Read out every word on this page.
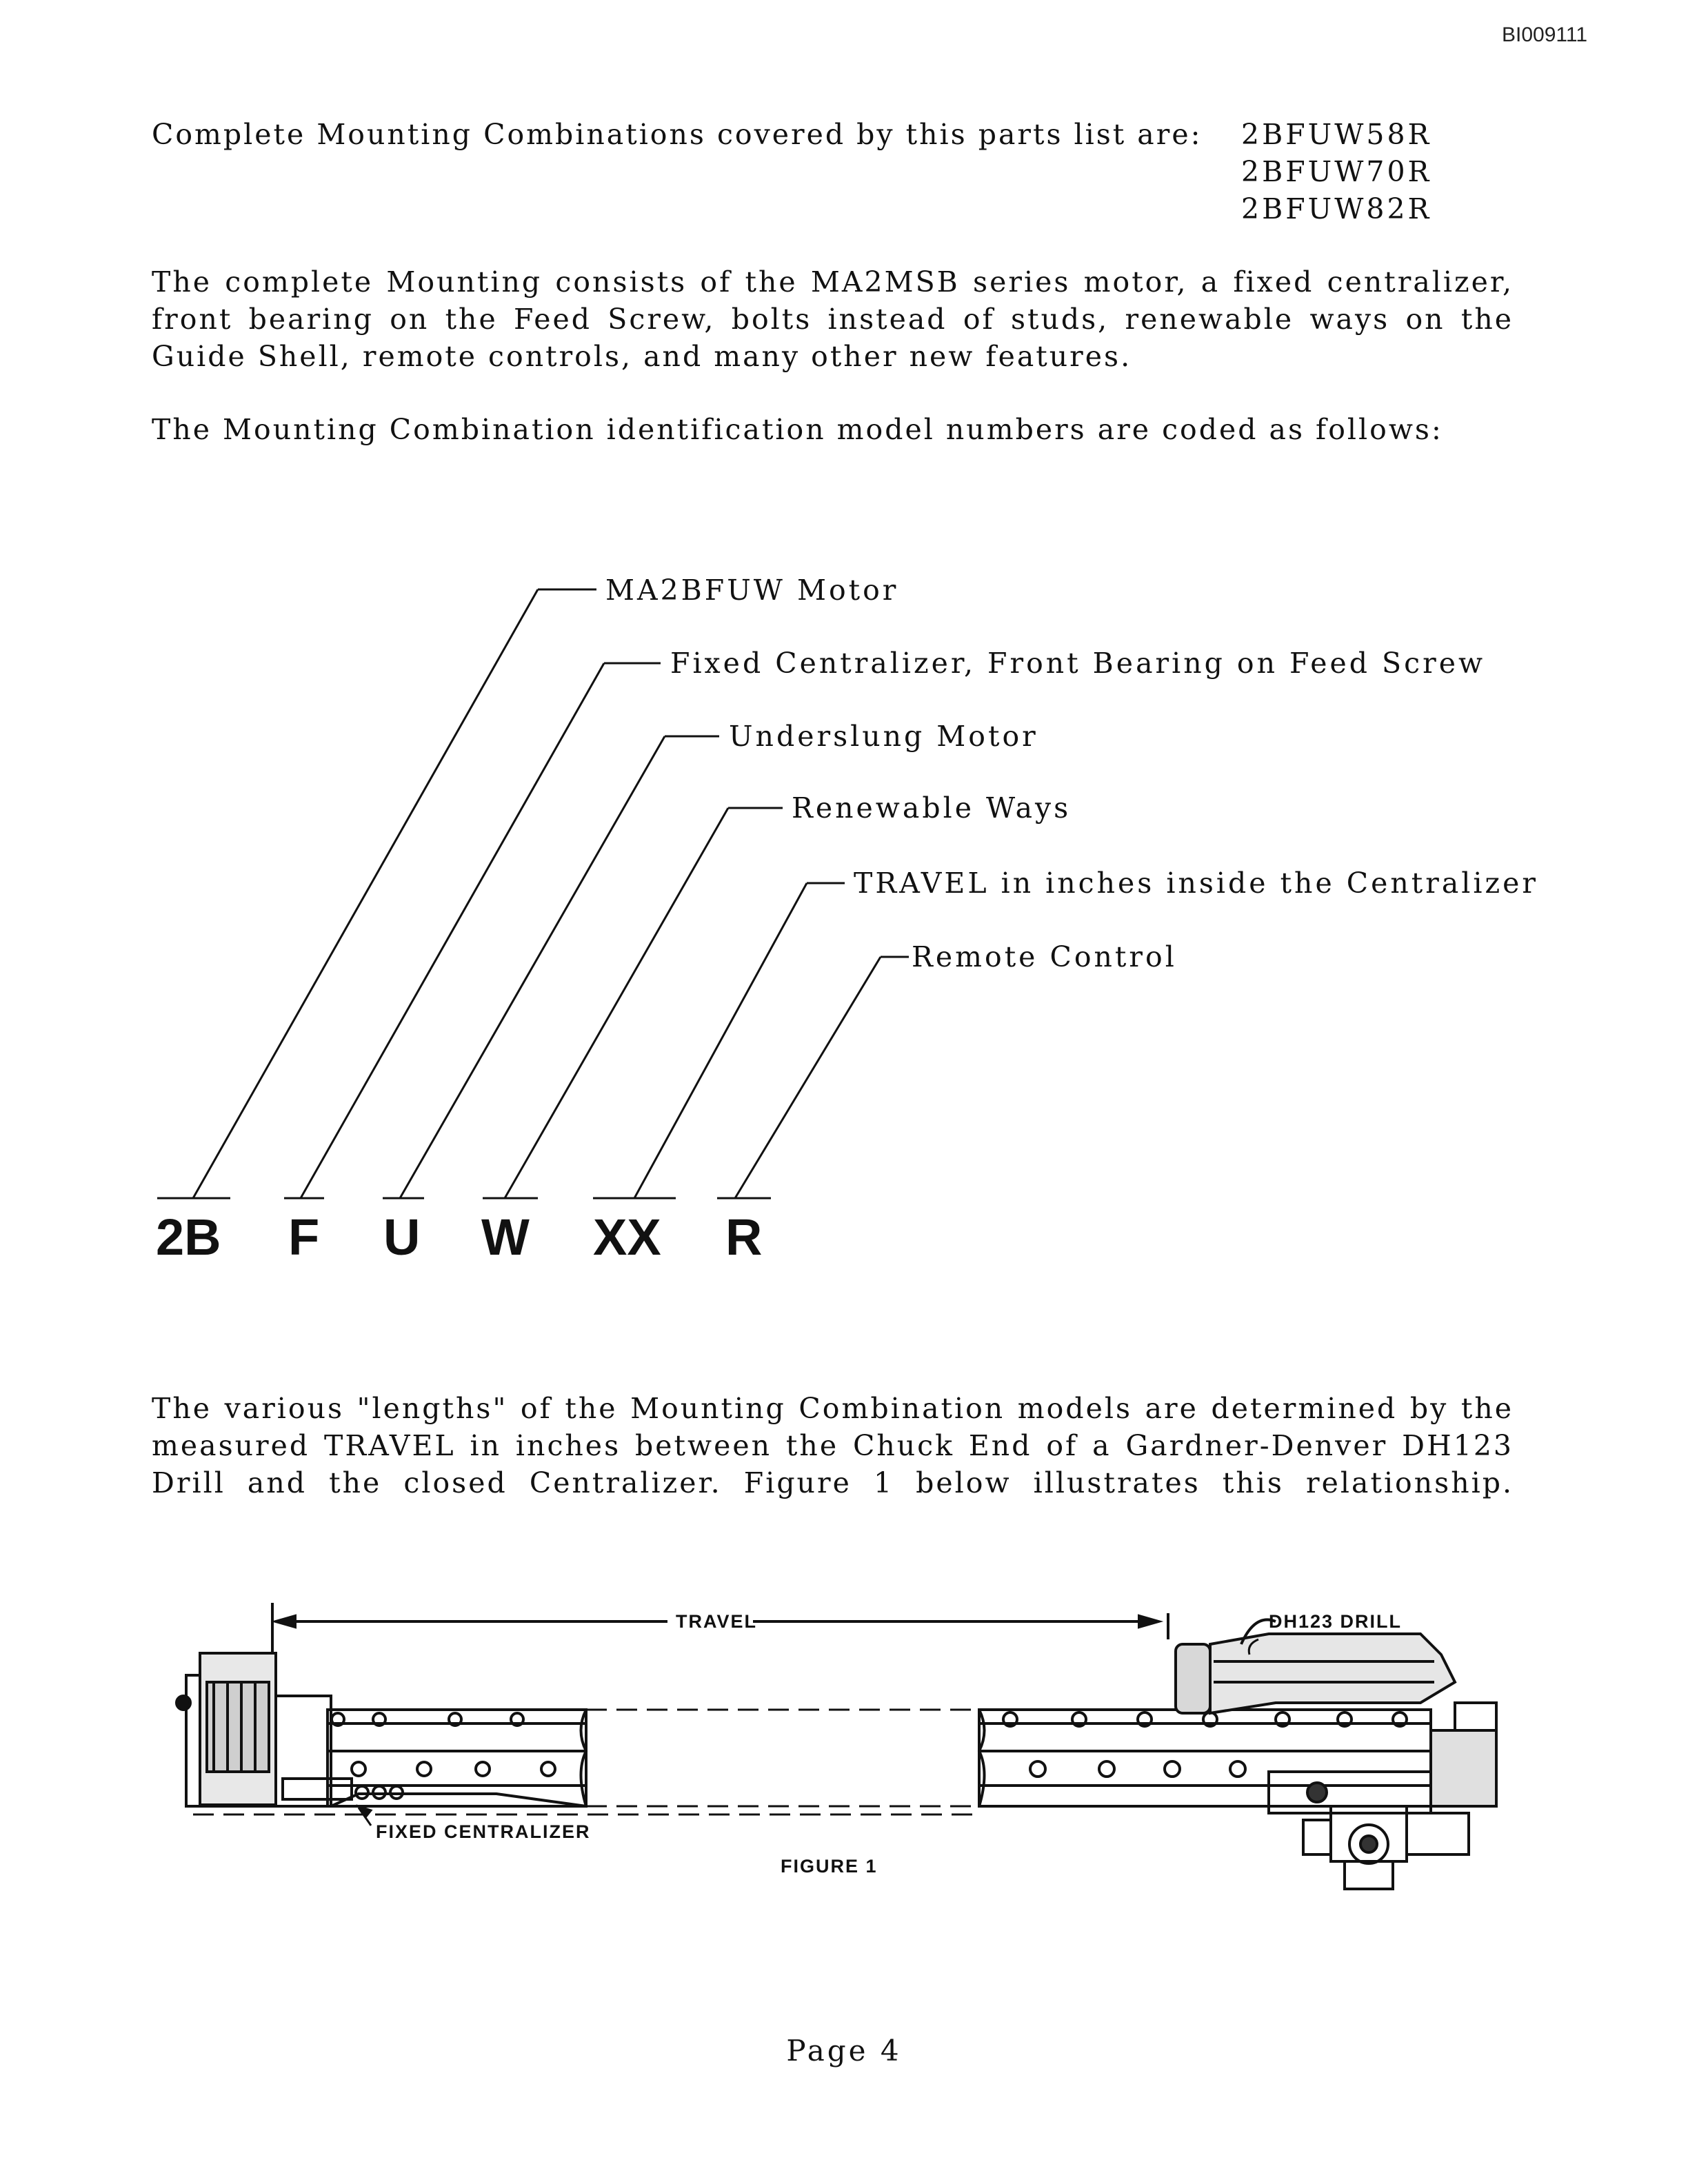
BI009111
Complete Mounting Combinations covered by this parts list are: 2BFUW58R
2BFUW70R
2BFUW82R
The complete Mounting consists of the MA2MSB series motor, a fixed centralizer,
front bearing on the Feed Screw, bolts instead of studs, renewable ways on the
Guide Shell, remote controls, and many other new features.
The Mounting Combination identification model numbers are coded as follows:
MA2BFUW Motor
Fixed Centralizer, Front Bearing on Feed Screw
Underslung Motor
Renewable Ways
TRAVEL in inches inside the Centralizer
Remote Control
2B F U W XX R
The various "lengths" of the Mounting Combination models are determined by the
measured TRAVEL in inches between the Chuck End of a Gardner-Denver DH123
Drill and the closed Centralizer. Figure 1 below illustrates this relationship.
TRAVEL	DH123 DRILL
FIXED CENTRALIZER
FIGURE 1
Page 4
